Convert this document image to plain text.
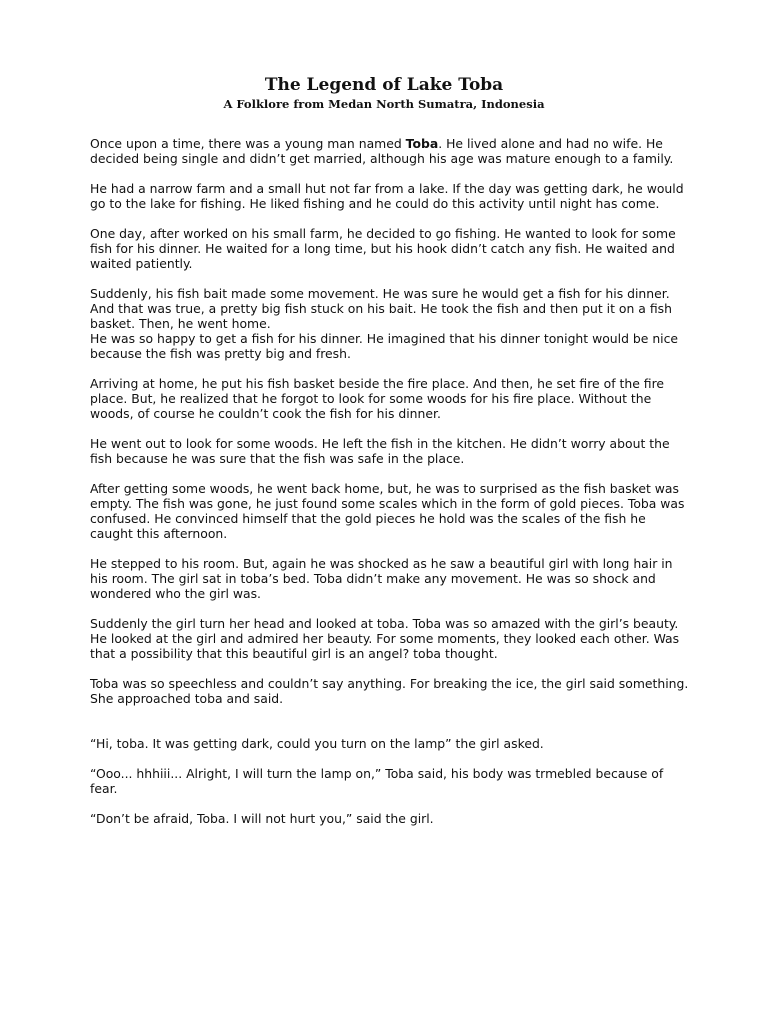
The Legend of Lake Toba
A Folklore from Medan North Sumatra, Indonesia

Once upon a time, there was a young man named Toba. He lived alone and had no wife. He decided being single and didn’t get married, although his age was mature enough to a family.

He had a narrow farm and a small hut not far from a lake. If the day was getting dark, he would go to the lake for fishing. He liked fishing and he could do this activity until night has come.

One day, after worked on his small farm, he decided to go fishing. He wanted to look for some fish for his dinner. He waited for a long time, but his hook didn’t catch any fish. He waited and waited patiently.

Suddenly, his fish bait made some movement. He was sure he would get a fish for his dinner. And that was true, a pretty big fish stuck on his bait. He took the fish and then put it on a fish basket. Then, he went home.

He was so happy to get a fish for his dinner. He imagined that his dinner tonight would be nice because the fish was pretty big and fresh.

Arriving at home, he put his fish basket beside the fire place. And then, he set fire of the fire place. But, he realized that he forgot to look for some woods for his fire place. Without the woods, of course he couldn’t cook the fish for his dinner.

He went out to look for some woods. He left the fish in the kitchen. He didn’t worry about the fish because he was sure that the fish was safe in the place.

After getting some woods, he went back home, but, he was to surprised as the fish basket was empty. The fish was gone, he just found some scales which in the form of gold pieces. Toba was confused. He convinced himself that the gold pieces he hold was the scales of the fish he caught this afternoon.

He stepped to his room. But, again he was shocked as he saw a beautiful girl with long hair in his room. The girl sat in toba’s bed. Toba didn’t make any movement. He was so shock and wondered who the girl was.

Suddenly the girl turn her head and looked at toba. Toba was so amazed with the girl’s beauty. He looked at the girl and admired her beauty. For some moments, they looked each other. Was that a possibility that this beautiful girl is an angel? toba thought.

Toba was so speechless and couldn’t say anything. For breaking the ice, the girl said something. She approached toba and said.

“Hi, toba. It was getting dark, could you turn on the lamp” the girl asked.

“Ooo... hhhiii... Alright, I will turn the lamp on,” Toba said, his body was trmebled because of fear.

“Don’t be afraid, Toba. I will not hurt you,” said the girl.
